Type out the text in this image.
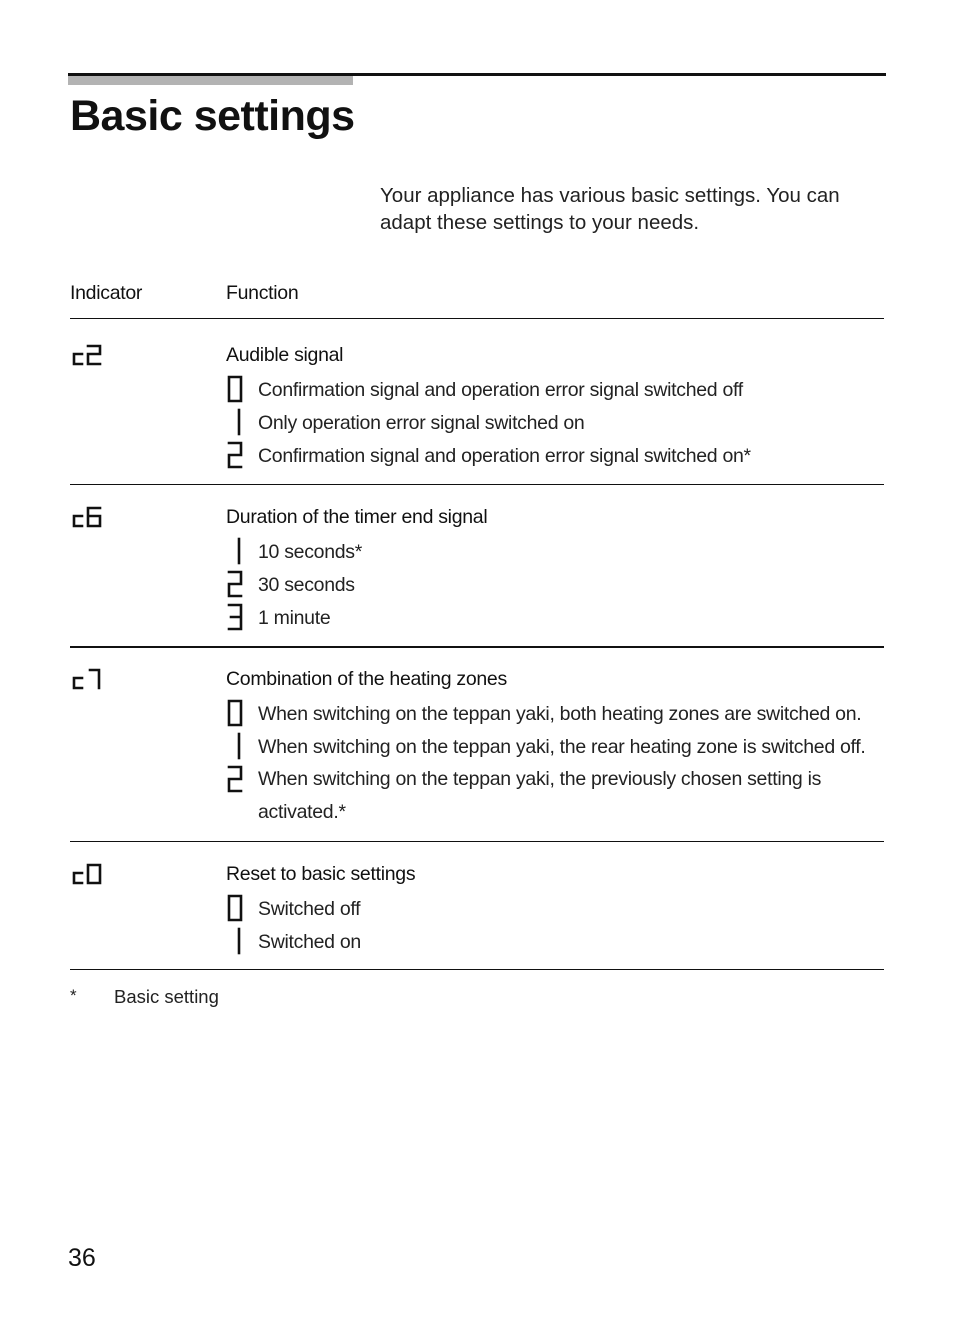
Basic settings

Your appliance has various basic settings. You can adapt these settings to your needs.

Indicator	Function
Audible signal
Confirmation signal and operation error signal switched off
Only operation error signal switched on
Confirmation signal and operation error signal switched on*
Duration of the timer end signal
10 seconds*
30 seconds
1 minute
Combination of the heating zones
When switching on the teppan yaki, both heating zones are switched on.
When switching on the teppan yaki, the rear heating zone is switched off.
When switching on the teppan yaki, the previously chosen setting is activated.*
Reset to basic settings
Switched off
Switched on
* Basic setting
36
